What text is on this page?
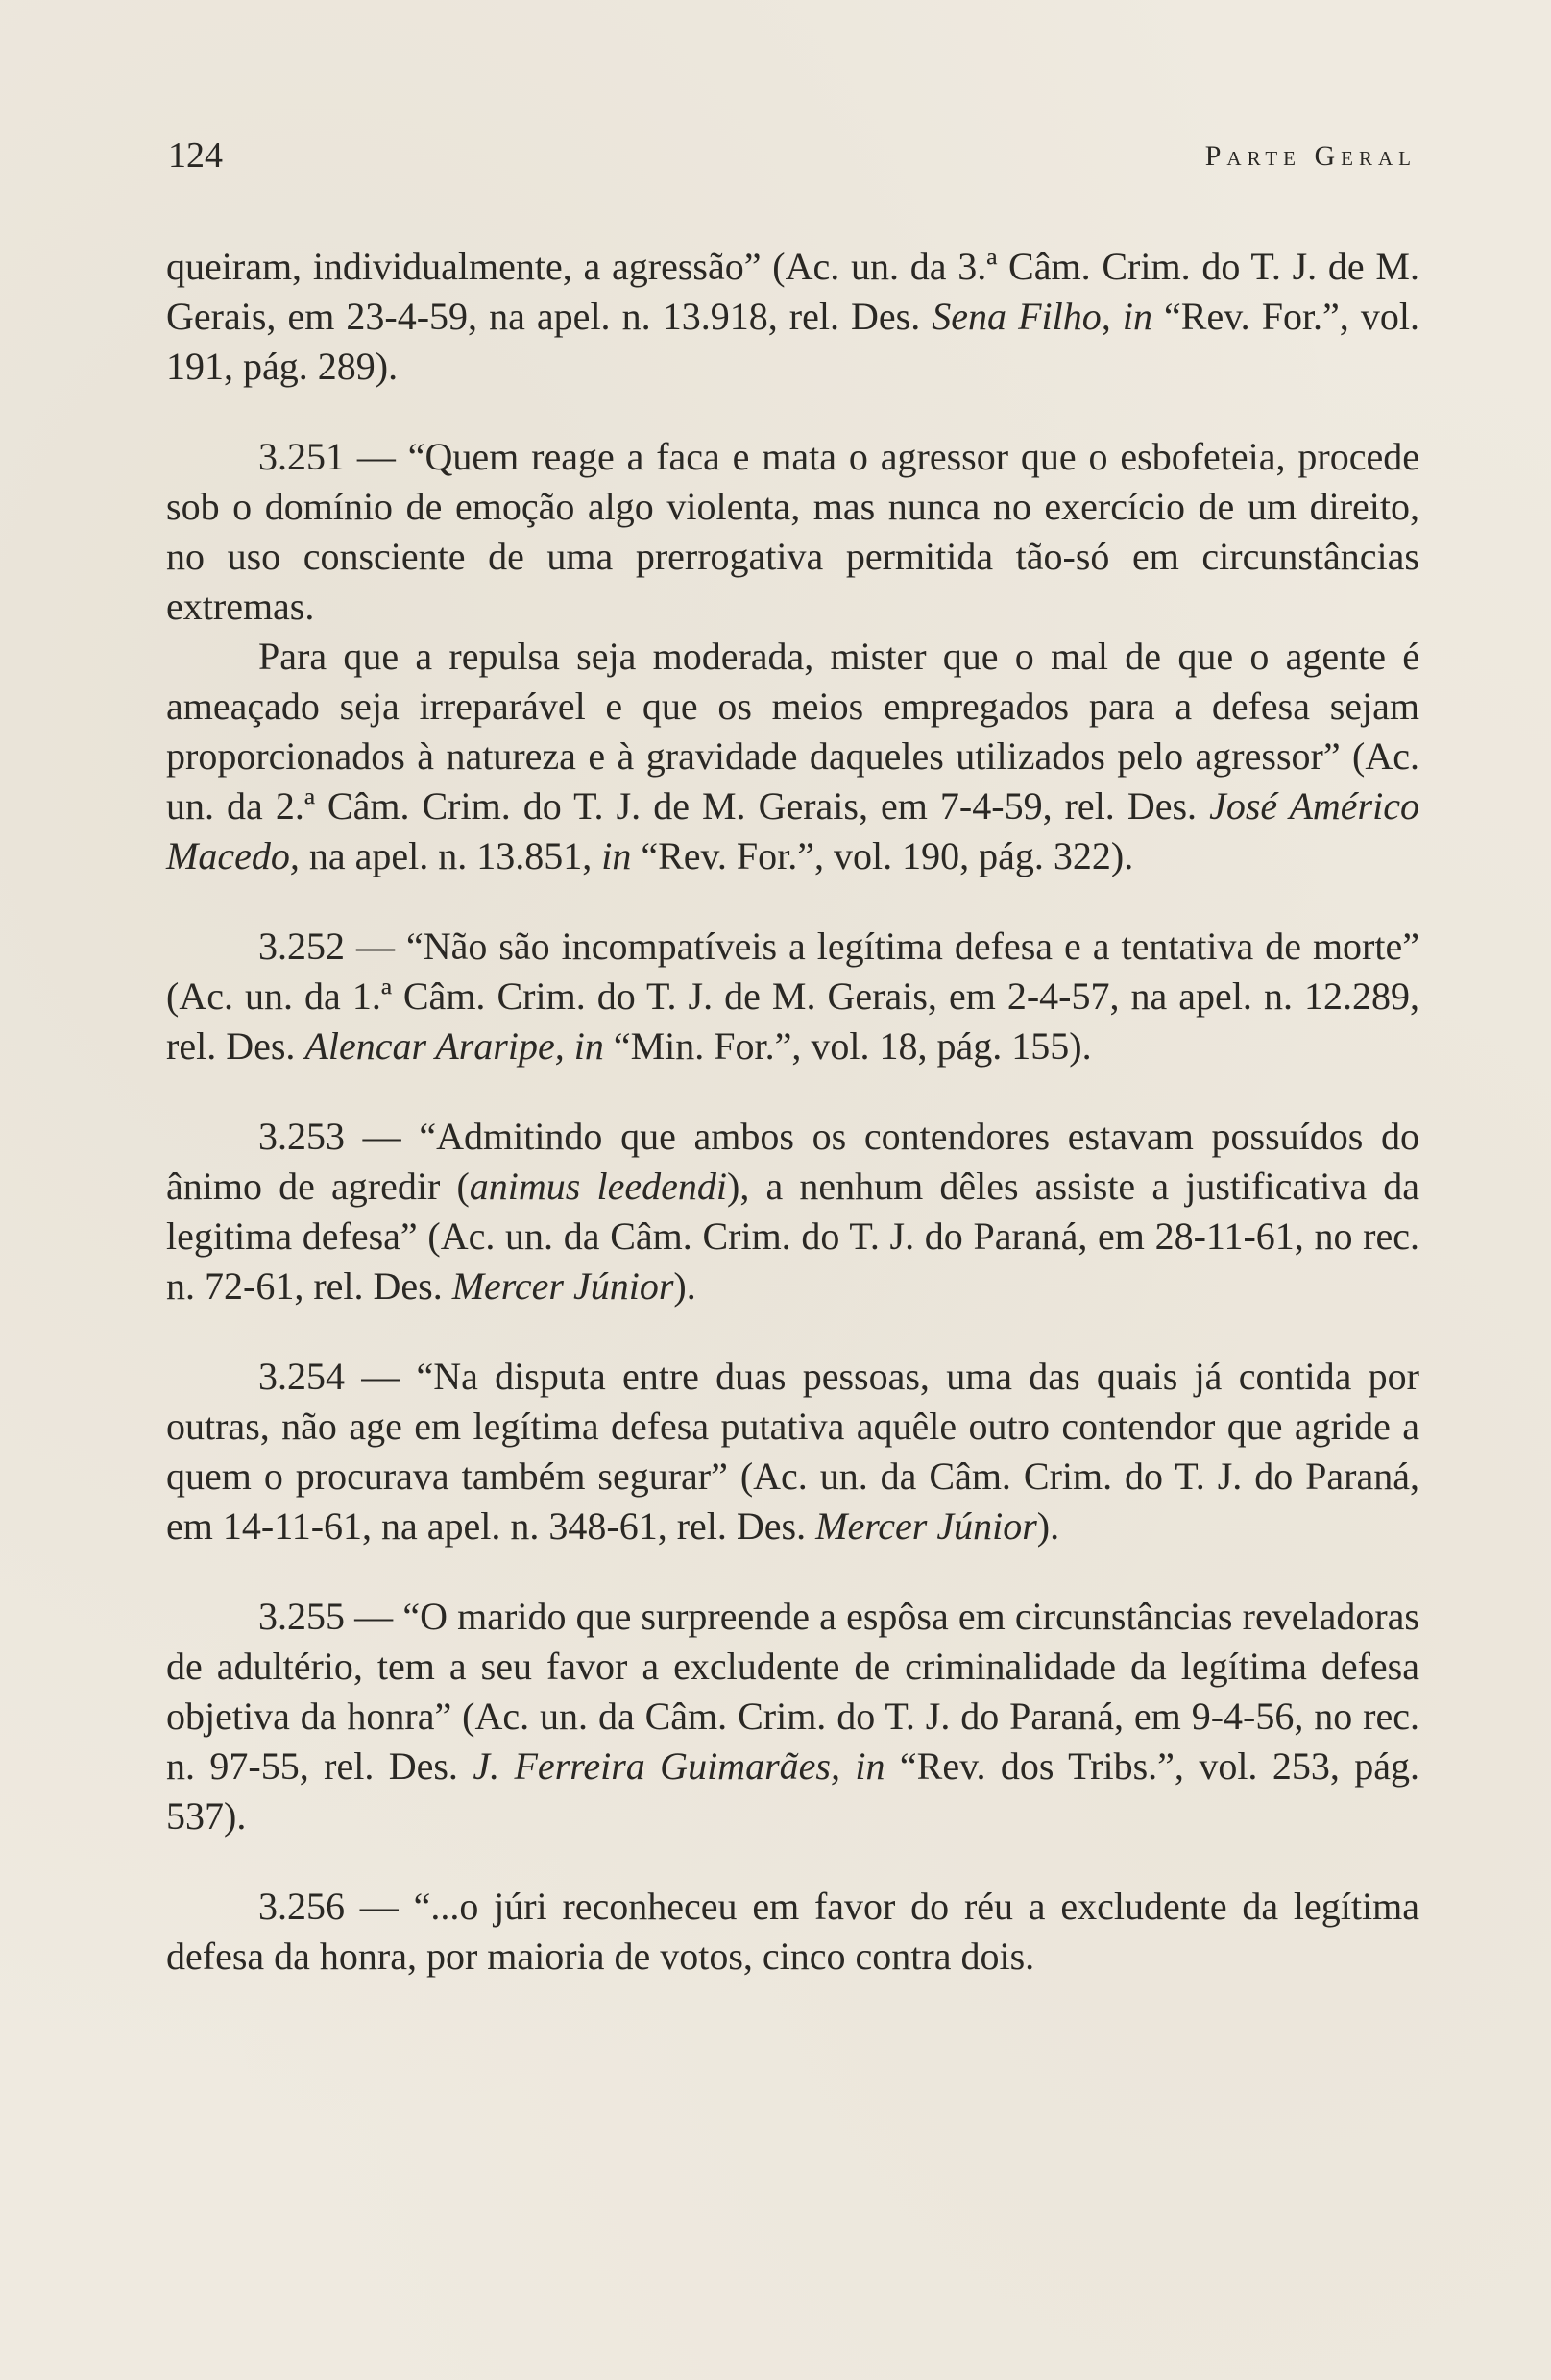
124	Parte Geral

queiram, individualmente, a agressão” (Ac. un. da 3.ª Câm. Crim. do T. J. de M. Gerais, em 23-4-59, na apel. n. 13.918, rel. Des. Sena Filho, in “Rev. For.”, vol. 191, pág. 289).

3.251 — “Quem reage a faca e mata o agressor que o esbofeteia, procede sob o domínio de emoção algo violenta, mas nunca no exercício de um direito, no uso consciente de uma prerrogativa permitida tão-só em circunstâncias extremas.

Para que a repulsa seja moderada, mister que o mal de que o agente é ameaçado seja irreparável e que os meios empregados para a defesa sejam proporcionados à natureza e à gravidade daqueles utilizados pelo agressor” (Ac. un. da 2.ª Câm. Crim. do T. J. de M. Gerais, em 7-4-59, rel. Des. José Américo Macedo, na apel. n. 13.851, in “Rev. For.”, vol. 190, pág. 322).

3.252 — “Não são incompatíveis a legítima defesa e a tentativa de morte” (Ac. un. da 1.ª Câm. Crim. do T. J. de M. Gerais, em 2-4-57, na apel. n. 12.289, rel. Des. Alencar Araripe, in “Min. For.”, vol. 18, pág. 155).

3.253 — “Admitindo que ambos os contendores estavam possuídos do ânimo de agredir (animus leedendi), a nenhum dêles assiste a justificativa da legitima defesa” (Ac. un. da Câm. Crim. do T. J. do Paraná, em 28-11-61, no rec. n. 72-61, rel. Des. Mercer Júnior).

3.254 — “Na disputa entre duas pessoas, uma das quais já contida por outras, não age em legítima defesa putativa aquêle outro contendor que agride a quem o procurava também segurar” (Ac. un. da Câm. Crim. do T. J. do Paraná, em 14-11-61, na apel. n. 348-61, rel. Des. Mercer Júnior).

3.255 — “O marido que surpreende a espôsa em circunstâncias reveladoras de adultério, tem a seu favor a excludente de criminalidade da legítima defesa objetiva da honra” (Ac. un. da Câm. Crim. do T. J. do Paraná, em 9-4-56, no rec. n. 97-55, rel. Des. J. Ferreira Guimarães, in “Rev. dos Tribs.”, vol. 253, pág. 537).

3.256 — “...o júri reconheceu em favor do réu a excludente da legítima defesa da honra, por maioria de votos, cinco contra dois.
